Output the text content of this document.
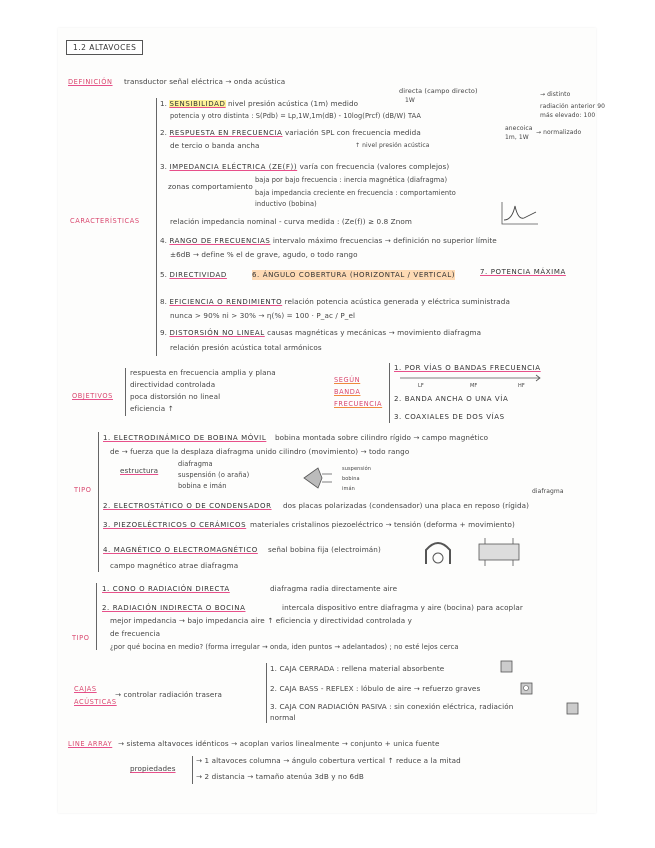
1.2 ALTAVOCES
DEFINICIÓN transductor señal eléctrica → onda acústica
CARACTERÍSTICAS
1. SENSIBILIDAD nivel presión acústica (1m) medido
directa (campo directo)
1W
→ distinto
potencia y otro distinta : S(Pdb) = Lp,1W,1m(dB) - 10log(Prcf) (dB/W) TAA
radiación anterior 90
más elevado: 100
2. RESPUESTA EN FRECUENCIA variación SPL con frecuencia medida	anecoica
1m, 1W
→ normalizado
de tercio o banda ancha	↑ nivel presión acústica
3. IMPEDANCIA ELÉCTRICA (ZE(F)) varía con frecuencia (valores complejos)
zonas comportamiento
baja por bajo frecuencia : inercia magnética (diafragma)
baja impedancia creciente en frecuencia : comportamiento
inductivo (bobina)
relación impedancia nominal - curva medida : (Ze(f)) ≥ 0.8 Znom
4. RANGO DE FRECUENCIAS intervalo máximo frecuencias → definición no superior límite
±6dB → define % el de grave, agudo, o todo rango
5. DIRECTIVIDAD	6. ÁNGULO COBERTURA (HORIZONTAL / VERTICAL)	7. POTENCIA MÁXIMA
8. EFICIENCIA O RENDIMIENTO relación potencia acústica generada y eléctrica suministrada
nunca > 90% ni > 30% → η(%) = 100 · P_ac / P_el
9. DISTORSIÓN NO LINEAL causas magnéticas y mecánicas → movimiento diafragma
relación presión acústica total armónicos
OBJETIVOS
respuesta en frecuencia amplia y plana
directividad controlada
poca distorsión no lineal
eficiencia ↑
SEGÚN
BANDA
FRECUENCIA
1. POR VÍAS O BANDAS FRECUENCIA
LF	MF	HF
2. BANDA ANCHA O UNA VÍA
3. COAXIALES DE DOS VÍAS
TIPO
1. ELECTRODINÁMICO DE BOBINA MÓVIL bobina montada sobre cilindro rígido → campo magnético
de → fuerza que la desplaza diafragma unido cilindro (movimiento) → todo rango
estructura
diafragma
suspensión (o araña)
bobina e imán
suspensión
bobina
imán
2. ELECTROSTÁTICO O DE CONDENSADOR dos placas polarizadas (condensador) una placa en reposo (rígida)
diafragma
3. PIEZOELÉCTRICOS O CERÁMICOS materiales cristalinos piezoeléctrico → tensión (deforma + movimiento)
4. MAGNÉTICO O ELECTROMAGNÉTICO señal bobina fija (electroimán)
campo magnético atrae diafragma
TIPO
1. CONO O RADIACIÓN DIRECTA	diafragma radia directamente aire
2. RADIACIÓN INDIRECTA O BOCINA	intercala dispositivo entre diafragma y aire (bocina) para acoplar
mejor impedancia → bajo impedancia aire ↑ eficiencia y directividad controlada y
de frecuencia
¿por qué bocina en medio? (forma irregular → onda, iden puntos → adelantados) ; no esté lejos cerca
CAJAS
ACÚSTICAS
→ controlar radiación trasera
1. CAJA CERRADA : rellena material absorbente
2. CAJA BASS - REFLEX : lóbulo de aire → refuerzo graves
3. CAJA CON RADIACIÓN PASIVA : sin conexión eléctrica, radiación
normal
LINE ARRAY → sistema altavoces idénticos → acoplan varios linealmente → conjunto + unica fuente
propiedades
→ 1 altavoces columna → ángulo cobertura vertical ↑ reduce a la mitad
→ 2 distancia → tamaño atenúa 3dB y no 6dB
